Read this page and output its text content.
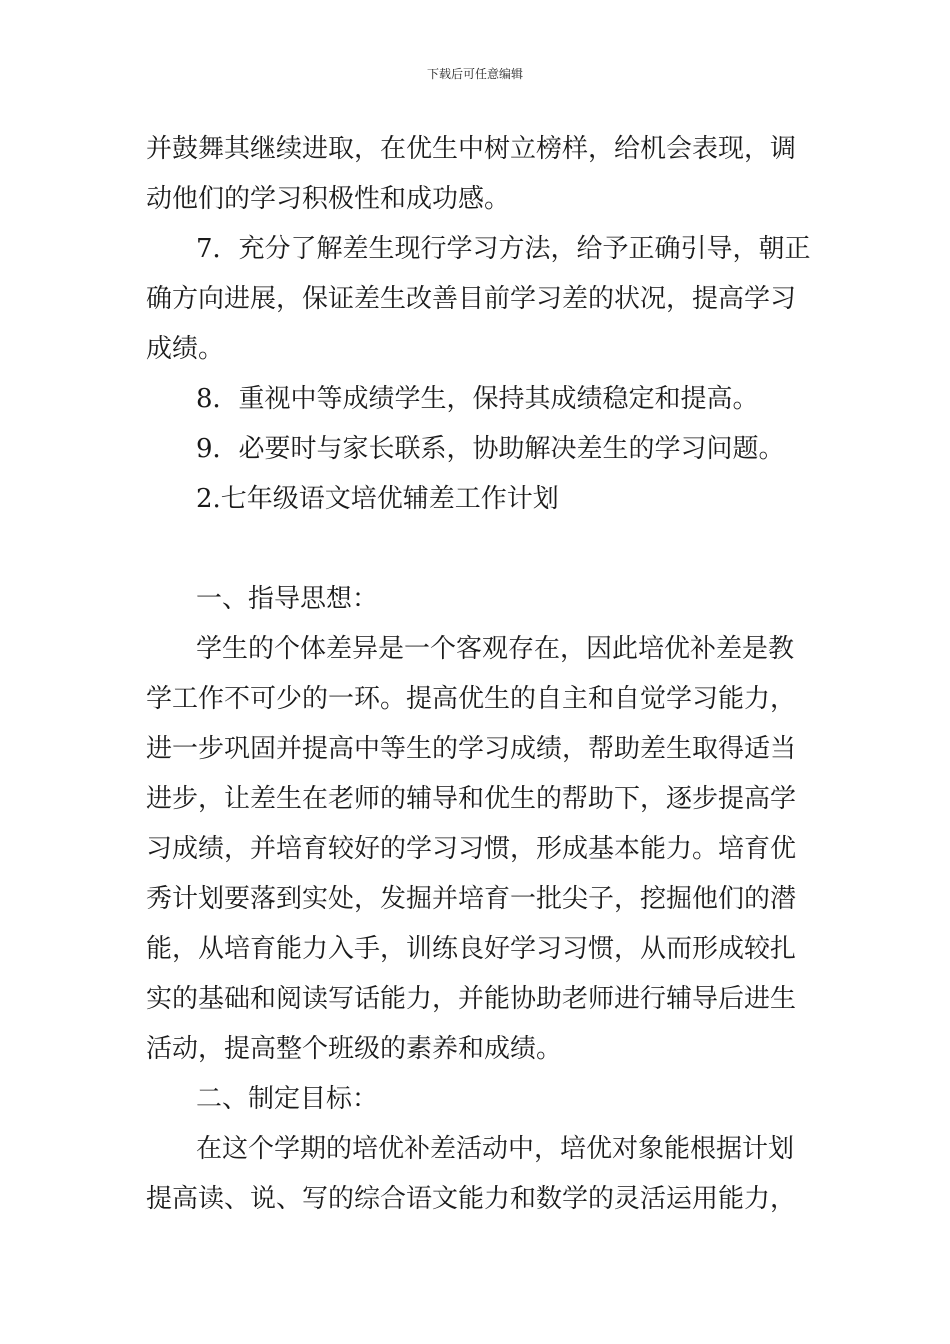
下载后可任意编辑
并鼓舞其继续进取，在优生中树立榜样，给机会表现，调
动他们的学习积极性和成功感。
7．充分了解差生现行学习方法，给予正确引导，朝正
确方向进展，保证差生改善目前学习差的状况，提高学习
成绩。
8．重视中等成绩学生，保持其成绩稳定和提高。
9．必要时与家长联系，协助解决差生的学习问题。
2.七年级语文培优辅差工作计划
一、指导思想：
学生的个体差异是一个客观存在，因此培优补差是教
学工作不可少的一环。提高优生的自主和自觉学习能力，
进一步巩固并提高中等生的学习成绩，帮助差生取得适当
进步，让差生在老师的辅导和优生的帮助下，逐步提高学
习成绩，并培育较好的学习习惯，形成基本能力。培育优
秀计划要落到实处，发掘并培育一批尖子，挖掘他们的潜
能，从培育能力入手，训练良好学习习惯，从而形成较扎
实的基础和阅读写话能力，并能协助老师进行辅导后进生
活动，提高整个班级的素养和成绩。
二、制定目标：
在这个学期的培优补差活动中，培优对象能根据计划
提高读、说、写的综合语文能力和数学的灵活运用能力，
